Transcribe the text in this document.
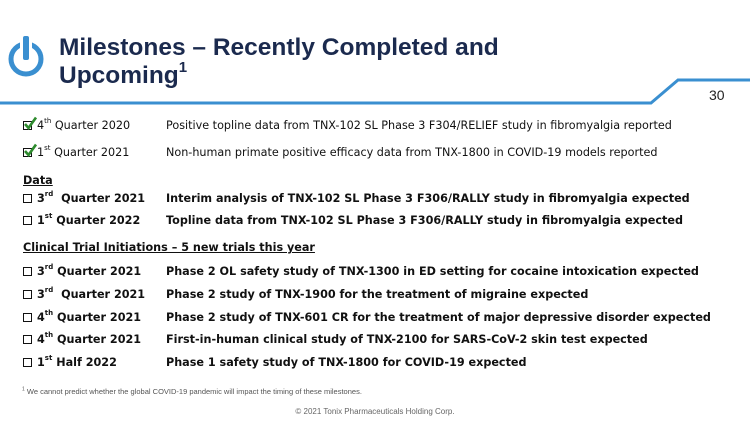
Milestones – Recently Completed and
Upcoming$^1$
30
4th Quarter 2020	Positive topline data from TNX-102 SL Phase 3 F304/RELIEF study in fibromyalgia reported
1st Quarter 2021	Non-human primate positive efficacy data from TNX-1800 in COVID-19 models reported
Data
3rd Quarter 2021 Interim analysis of TNX-102 SL Phase 3 F306/RALLY study in fibromyalgia expected
1st Quarter 2022 Topline data from TNX-102 SL Phase 3 F306/RALLY study in fibromyalgia expected
Clinical Trial Initiations – 5 new trials this year
3rd Quarter 2021 Phase 2 OL safety study of TNX-1300 in ED setting for cocaine intoxication expected
3rd Quarter 2021 Phase 2 study of TNX-1900 for the treatment of migraine expected
4th Quarter 2021 Phase 2 study of TNX-601 CR for the treatment of major depressive disorder expected
4th Quarter 2021 First-in-human clinical study of TNX-2100 for SARS-CoV-2 skin test expected
1st Half 2022	Phase 1 safety study of TNX-1800 for COVID-19 expected
$^1$ We cannot predict whether the global COVID-19 pandemic will impact the timing of these milestones.
© 2021 Tonix Pharmaceuticals Holding Corp.
